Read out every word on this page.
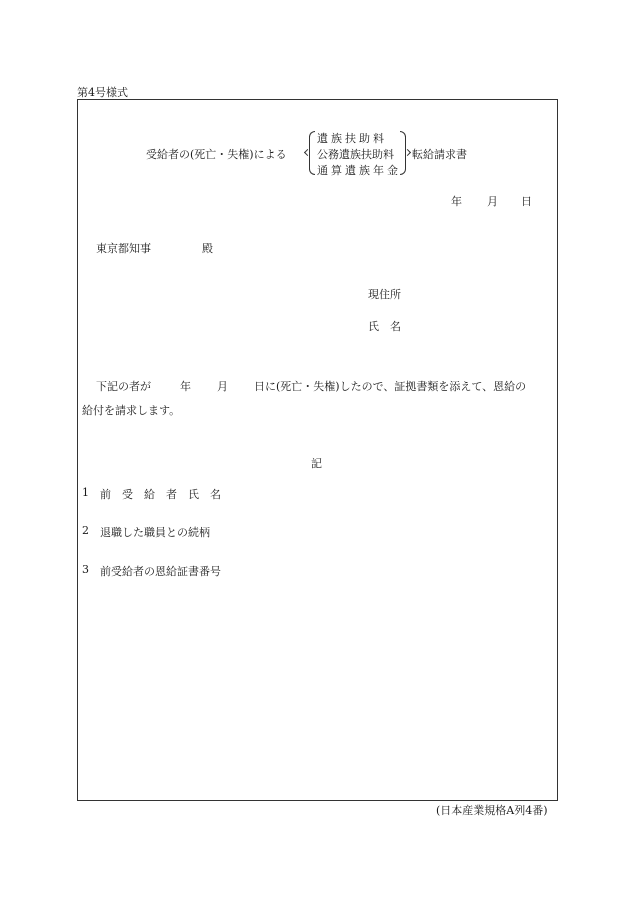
第4号様式
受給者の(死亡・失権)による
遺族扶助料
公務遺族扶助料
通算遺族年金
転給請求書
年 月 日
東京都知事	殿
現住所
氏　名
下記の者が	年 月 日に(死亡・失権)したので、証拠書類を添えて、恩給の
給付を請求します。
記
1 前　受　給　者　氏　名
2 退職した職員との続柄
3 前受給者の恩給証書番号
(日本産業規格A列4番)
